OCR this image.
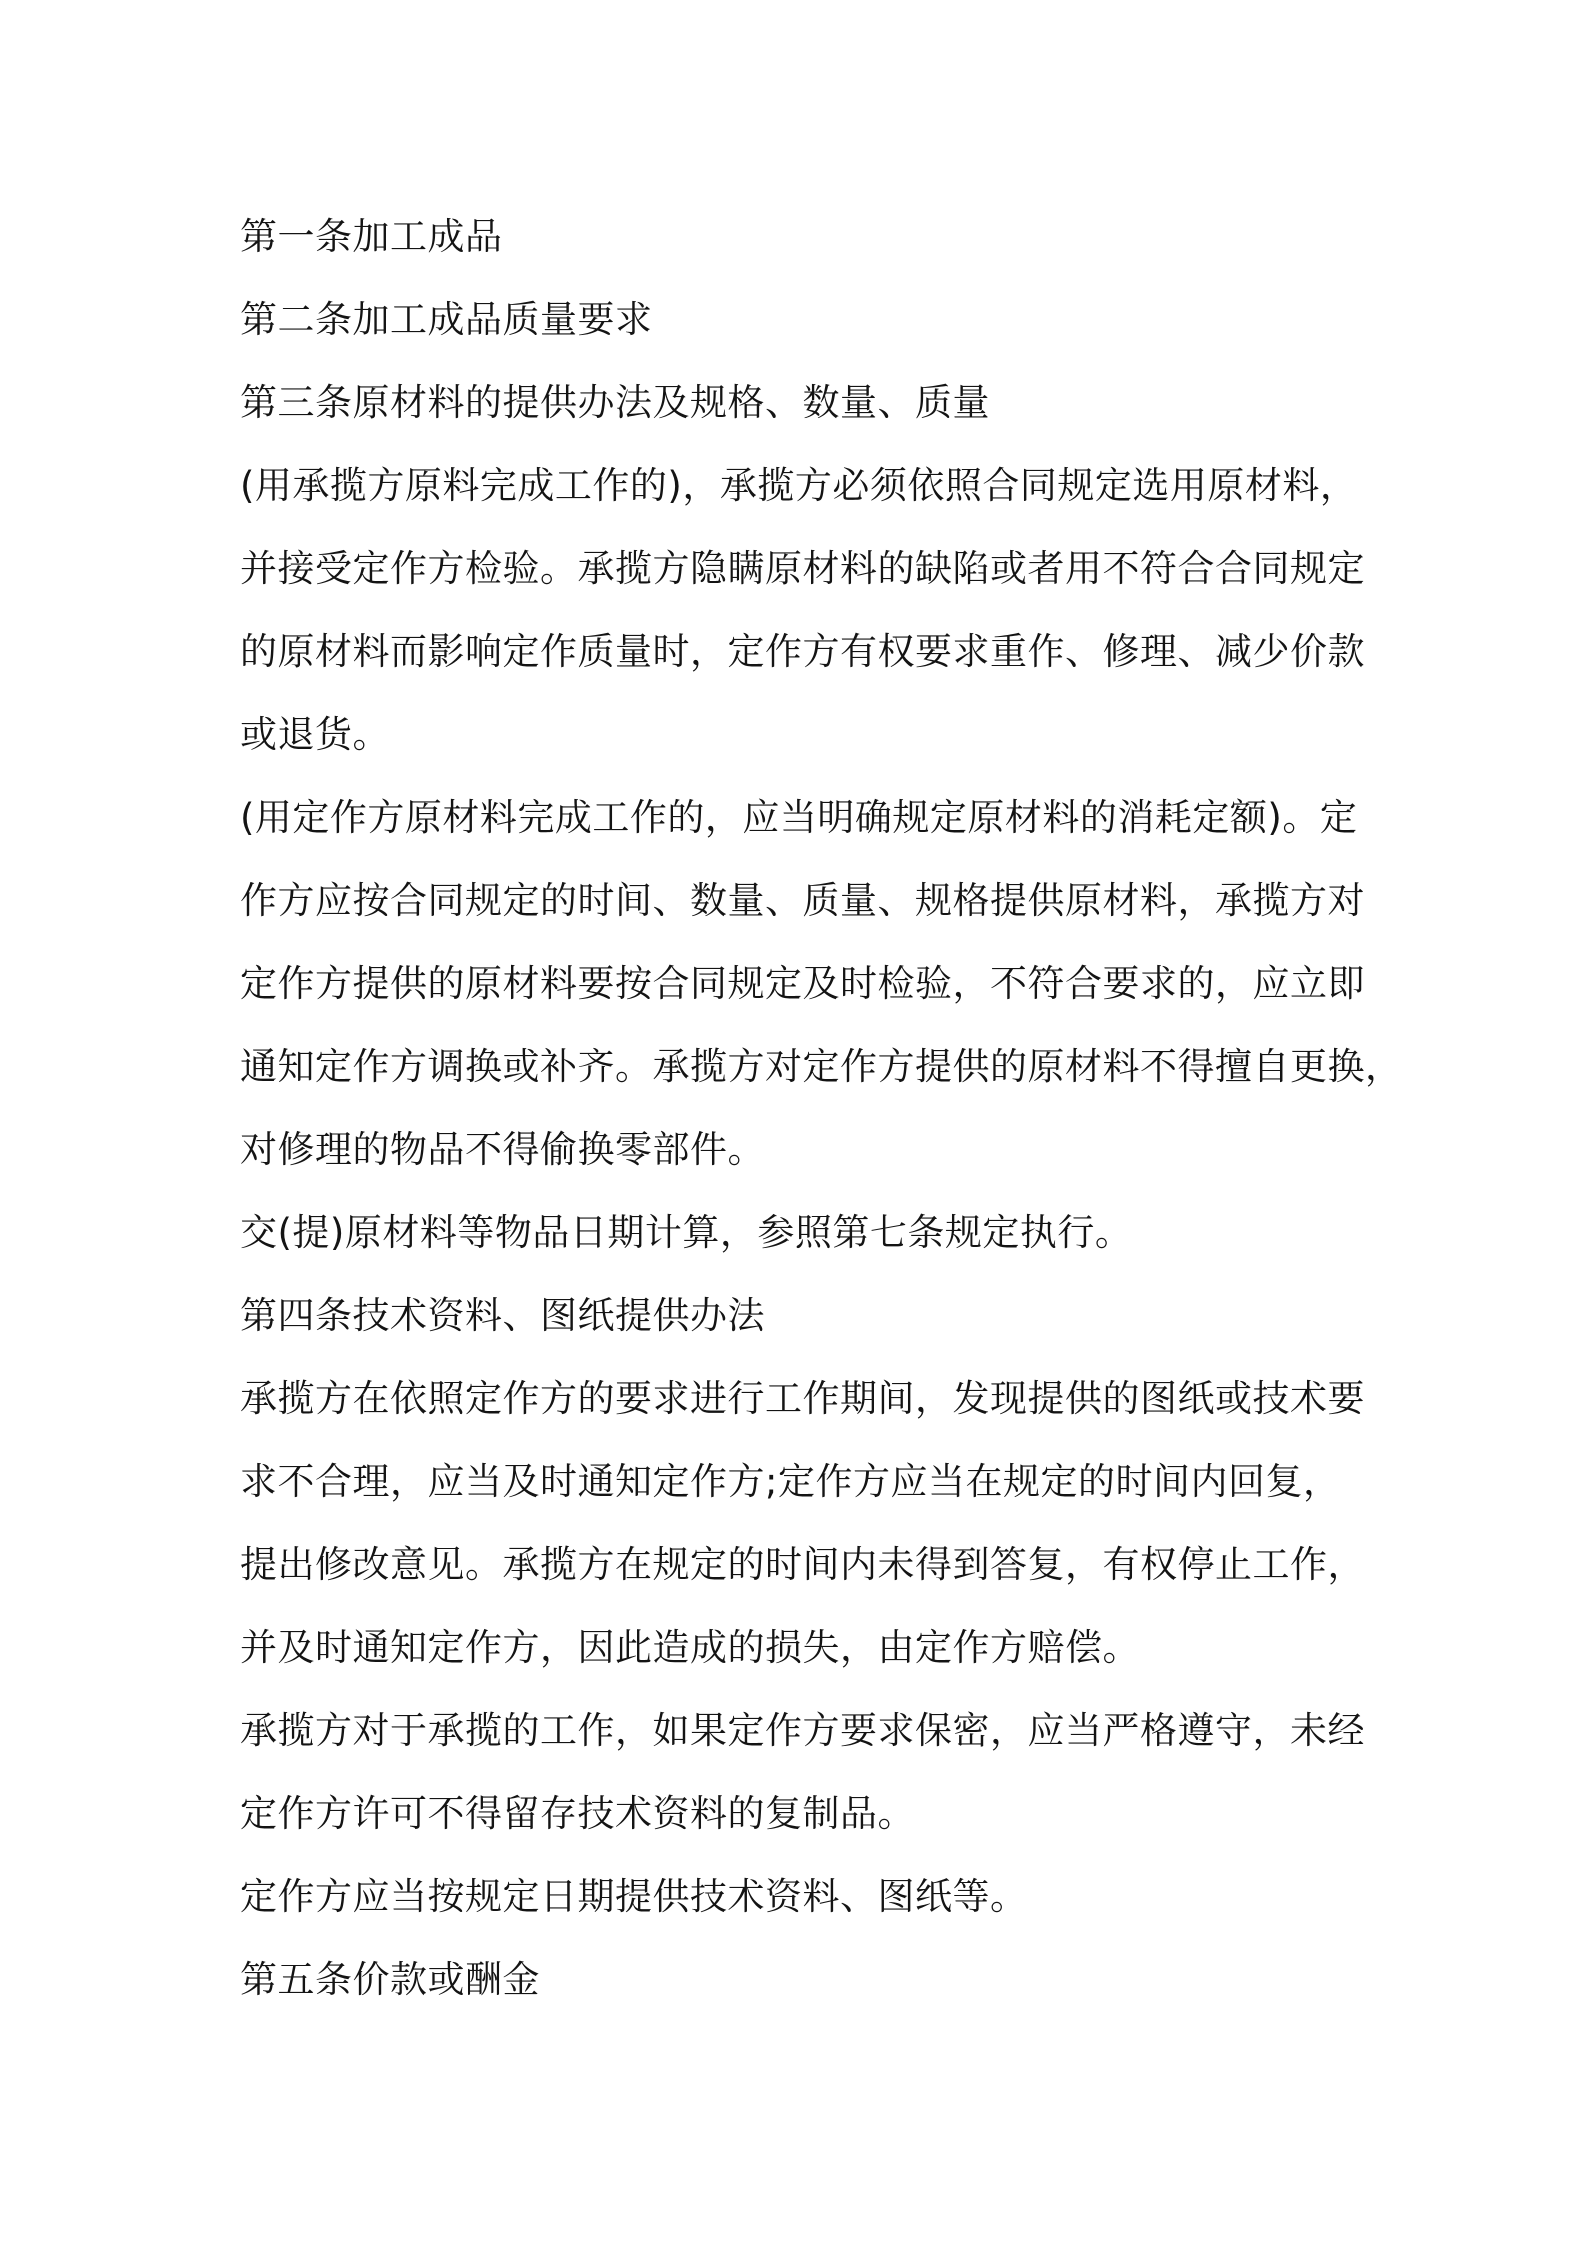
第一条加工成品
第二条加工成品质量要求
第三条原材料的提供办法及规格、数量、质量
(用承揽方原料完成工作的)，承揽方必须依照合同规定选用原材料，
并接受定作方检验。承揽方隐瞒原材料的缺陷或者用不符合合同规定
的原材料而影响定作质量时，定作方有权要求重作、修理、减少价款
或退货。
(用定作方原材料完成工作的，应当明确规定原材料的消耗定额)。定
作方应按合同规定的时间、数量、质量、规格提供原材料，承揽方对
定作方提供的原材料要按合同规定及时检验，不符合要求的，应立即
通知定作方调换或补齐。承揽方对定作方提供的原材料不得擅自更换，
对修理的物品不得偷换零部件。
交(提)原材料等物品日期计算，参照第七条规定执行。
第四条技术资料、图纸提供办法
承揽方在依照定作方的要求进行工作期间，发现提供的图纸或技术要
求不合理，应当及时通知定作方;定作方应当在规定的时间内回复，
提出修改意见。承揽方在规定的时间内未得到答复，有权停止工作，
并及时通知定作方，因此造成的损失，由定作方赔偿。
承揽方对于承揽的工作，如果定作方要求保密，应当严格遵守，未经
定作方许可不得留存技术资料的复制品。
定作方应当按规定日期提供技术资料、图纸等。
第五条价款或酬金
